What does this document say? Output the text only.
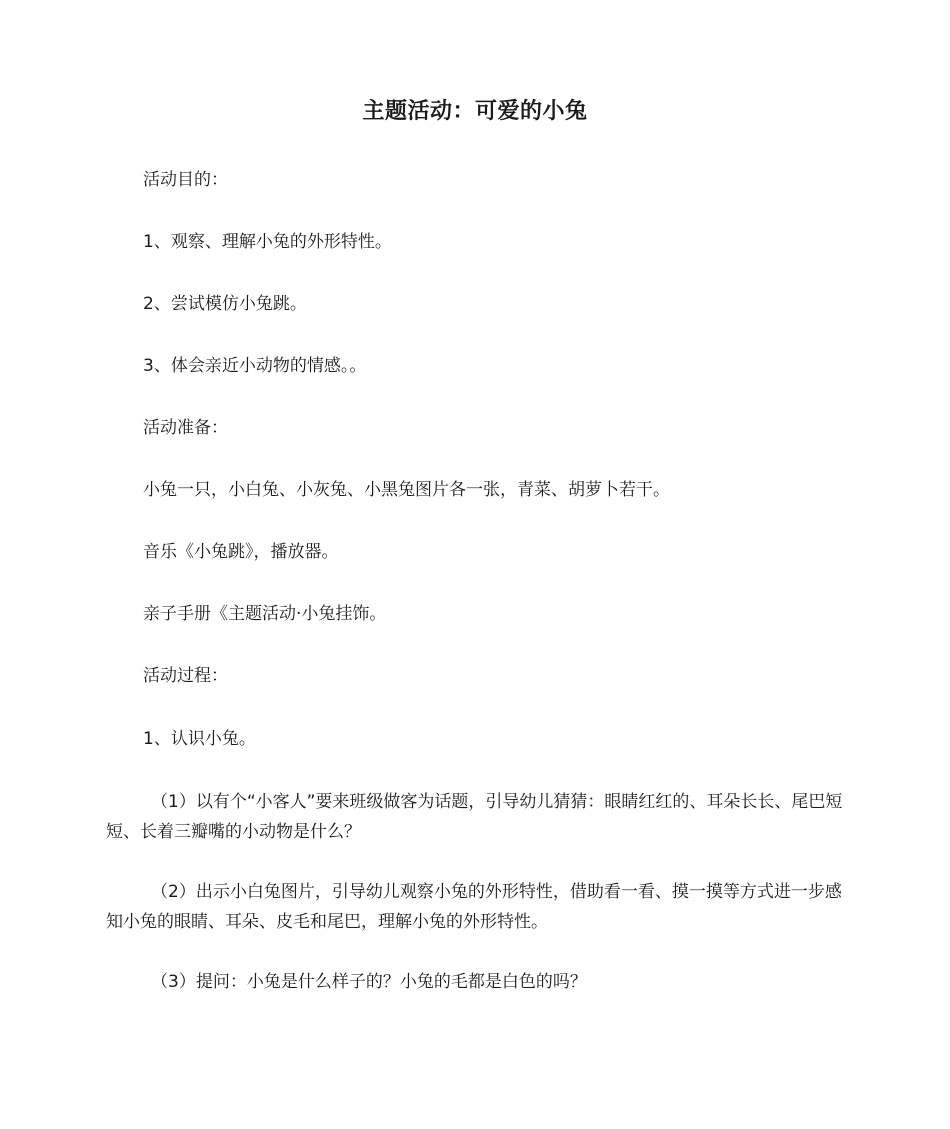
主题活动：可爱的小兔
活动目的：
1、观察、理解小兔的外形特性。
2、尝试模仿小兔跳。
3、体会亲近小动物的情感。。
活动准备：
小兔一只，小白兔、小灰兔、小黑兔图片各一张，青菜、胡萝卜若干。
音乐《小兔跳》，播放器。
亲子手册《主题活动·小兔挂饰。
活动过程：
1、认识小兔。

（1）以有个“小客人”要来班级做客为话题，引导幼儿猜猜：眼睛红红的、耳朵长长、尾巴短短、长着三瓣嘴的小动物是什么？

（2）出示小白兔图片，引导幼儿观察小兔的外形特性，借助看一看、摸一摸等方式进一步感知小兔的眼睛、耳朵、皮毛和尾巴，理解小兔的外形特性。

（3）提问：小兔是什么样子的？小兔的毛都是白色的吗？
